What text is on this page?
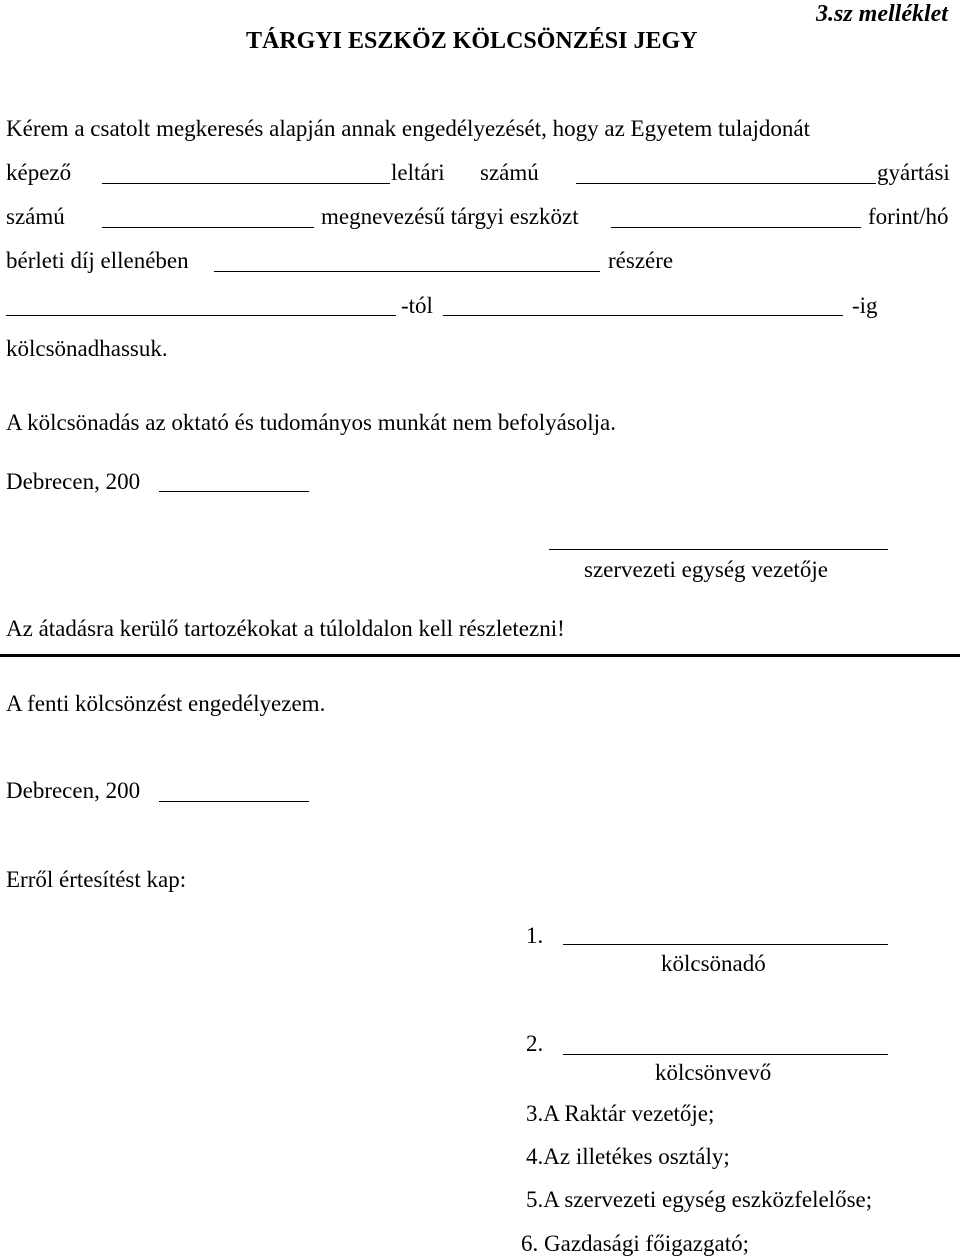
3.sz melléklet
TÁRGYI ESZKÖZ KÖLCSÖNZÉSI JEGY
Kérem a csatolt megkeresés alapján annak engedélyezését, hogy az Egyetem tulajdonát
képező	leltári számú	gyártási
számú	megnevezésű tárgyi eszközt	forint/hó
bérleti díj ellenében	részére
-tól	-ig
kölcsönadhassuk.
A kölcsönadás az oktató és tudományos munkát nem befolyásolja.
Debrecen, 200
szervezeti egység vezetője
Az átadásra kerülő tartozékokat a túloldalon kell részletezni!
A fenti kölcsönzést engedélyezem.
Debrecen, 200
Erről értesítést kap:
1.
kölcsönadó
2.
kölcsönvevő
3.A Raktár vezetője;
4.Az illetékes osztály;
5.A szervezeti egység eszközfelelőse;
6. Gazdasági főigazgató;
